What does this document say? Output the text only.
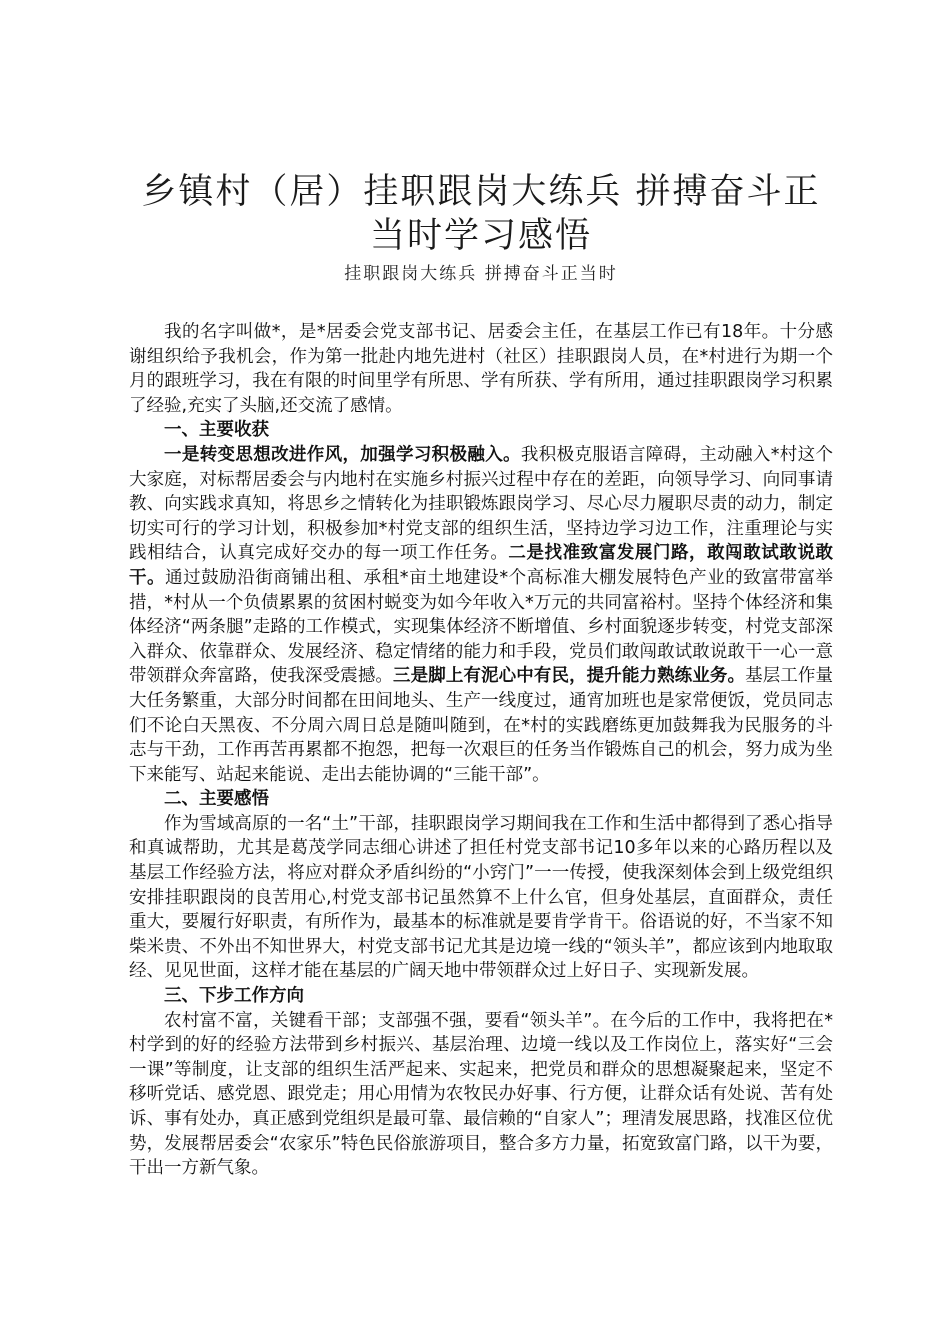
乡镇村（居）挂职跟岗大练兵 拼搏奋斗正当时学习感悟
挂职跟岗大练兵 拼搏奋斗正当时

我的名字叫做*，是*居委会党支部书记、居委会主任，在基层工作已有18年。十分感谢组织给予我机会，作为第一批赴内地先进村（社区）挂职跟岗人员，在*村进行为期一个月的跟班学习，我在有限的时间里学有所思、学有所获、学有所用，通过挂职跟岗学习积累了经验,充实了头脑,还交流了感情。

一、主要收获

一是转变思想改进作风，加强学习积极融入。我积极克服语言障碍，主动融入*村这个大家庭，对标帮居委会与内地村在实施乡村振兴过程中存在的差距，向领导学习、向同事请教、向实践求真知，将思乡之情转化为挂职锻炼跟岗学习、尽心尽力履职尽责的动力，制定切实可行的学习计划，积极参加*村党支部的组织生活，坚持边学习边工作，注重理论与实践相结合，认真完成好交办的每一项工作任务。二是找准致富发展门路，敢闯敢试敢说敢干。通过鼓励沿街商铺出租、承租*亩土地建设*个高标准大棚发展特色产业的致富带富举措，*村从一个负债累累的贫困村蜕变为如今年收入*万元的共同富裕村。坚持个体经济和集体经济“两条腿”走路的工作模式，实现集体经济不断增值、乡村面貌逐步转变，村党支部深入群众、依靠群众、发展经济、稳定情绪的能力和手段，党员们敢闯敢试敢说敢干一心一意带领群众奔富路，使我深受震撼。三是脚上有泥心中有民，提升能力熟练业务。基层工作量大任务繁重，大部分时间都在田间地头、生产一线度过，通宵加班也是家常便饭，党员同志们不论白天黑夜、不分周六周日总是随叫随到，在*村的实践磨练更加鼓舞我为民服务的斗志与干劲，工作再苦再累都不抱怨，把每一次艰巨的任务当作锻炼自己的机会，努力成为坐下来能写、站起来能说、走出去能协调的“三能干部”。

二、主要感悟

作为雪域高原的一名“土”干部，挂职跟岗学习期间我在工作和生活中都得到了悉心指导和真诚帮助，尤其是葛茂学同志细心讲述了担任村党支部书记10多年以来的心路历程以及基层工作经验方法，将应对群众矛盾纠纷的“小窍门”一一传授，使我深刻体会到上级党组织安排挂职跟岗的良苦用心,村党支部书记虽然算不上什么官，但身处基层，直面群众，责任重大，要履行好职责，有所作为，最基本的标准就是要肯学肯干。俗语说的好，不当家不知柴米贵、不外出不知世界大，村党支部书记尤其是边境一线的“领头羊”，都应该到内地取取经、见见世面，这样才能在基层的广阔天地中带领群众过上好日子、实现新发展。

三、下步工作方向

农村富不富，关键看干部；支部强不强，要看“领头羊”。在今后的工作中，我将把在*村学到的好的经验方法带到乡村振兴、基层治理、边境一线以及工作岗位上，落实好“三会一课”等制度，让支部的组织生活严起来、实起来，把党员和群众的思想凝聚起来，坚定不移听党话、感党恩、跟党走；用心用情为农牧民办好事、行方便，让群众话有处说、苦有处诉、事有处办，真正感到党组织是最可靠、最信赖的“自家人”；理清发展思路，找准区位优势，发展帮居委会“农家乐”特色民俗旅游项目，整合多方力量，拓宽致富门路，以干为要，干出一方新气象。
